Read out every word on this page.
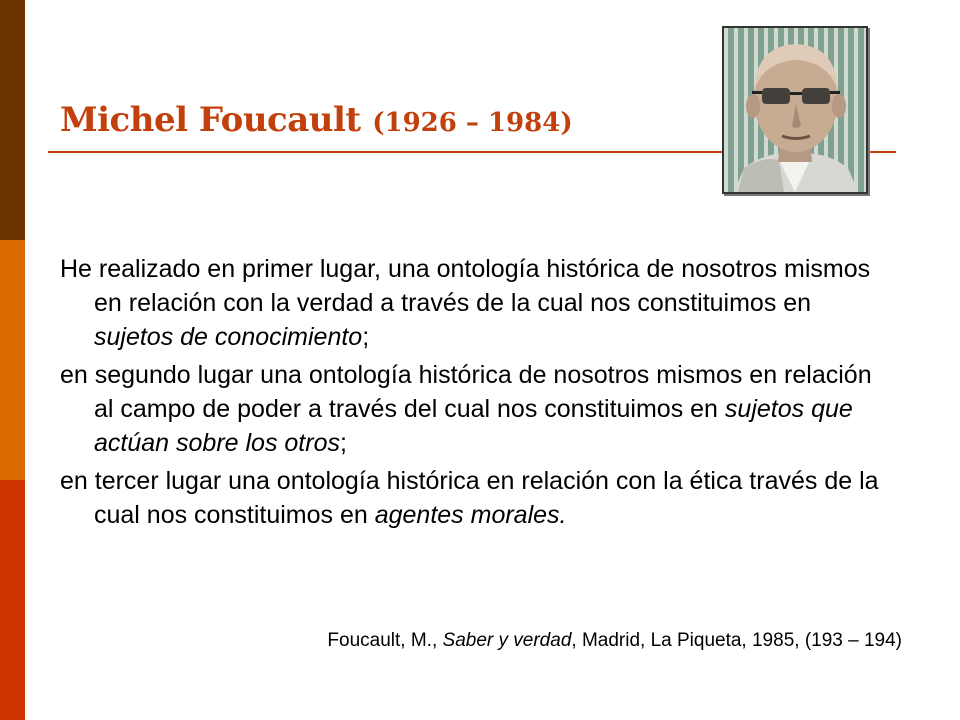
Michel Foucault (1926 – 1984)

He realizado en primer lugar, una ontología histórica de nosotros mismos en relación con la verdad a través de la cual nos constituimos en sujetos de conocimiento;

en segundo lugar una ontología histórica de nosotros mismos en relación al campo de poder a través del cual nos constituimos en sujetos que actúan sobre los otros;

en tercer lugar una ontología histórica en relación con la ética través de la cual nos constituimos en agentes morales.

Foucault, M., Saber y verdad, Madrid, La Piqueta, 1985, (193 – 194)
